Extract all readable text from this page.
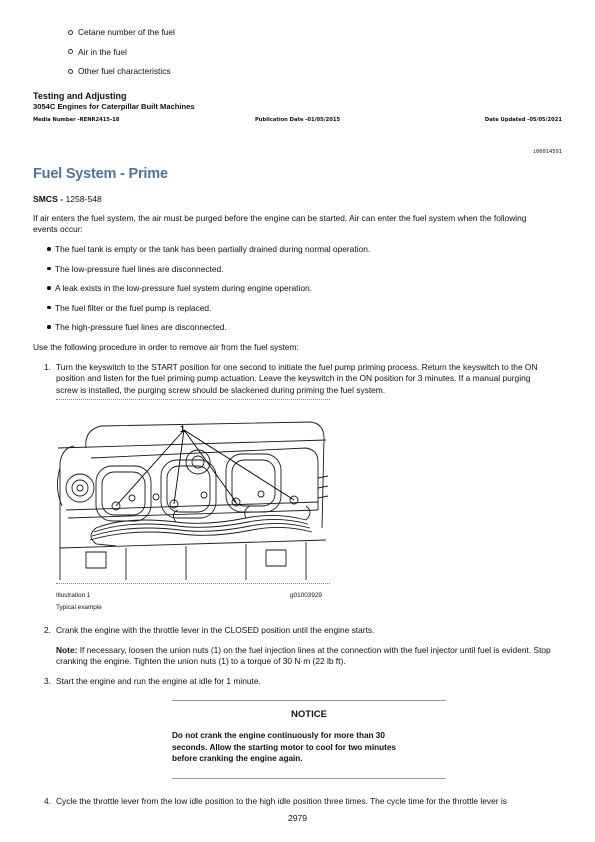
Cetane number of the fuel
Air in the fuel
Other fuel characteristics
Testing and Adjusting
3054C Engines for Caterpillar Built Machines
Media Number -RENR2415-18	Publication Date -01/05/2015	Date Updated -05/05/2021
i06014591
Fuel System - Prime
SMCS - 1258-548
If air enters the fuel system, the air must be purged before the engine can be started. Air can enter the fuel system when the following events occur:
The fuel tank is empty or the tank has been partially drained during normal operation.
The low-pressure fuel lines are disconnected.
A leak exists in the low-pressure fuel system during engine operation.
The fuel filter or the fuel pump is replaced.
The high-pressure fuel lines are disconnected.
Use the following procedure in order to remove air from the fuel system:
1. Turn the keyswitch to the START position for one second to initiate the fuel pump priming process. Return the keyswitch to the ON position and listen for the fuel priming pump actuation. Leave the keyswitch in the ON position for 3 minutes. If a manual purging screw is installed, the purging screw should be slackened during priming the fuel system.
1
Illustration 1	g01003929
Typical example
2. Crank the engine with the throttle lever in the CLOSED position until the engine starts.
Note: If necessary, loosen the union nuts (1) on the fuel injection lines at the connection with the fuel injector until fuel is evident. Stop cranking the engine. Tighten the union nuts (1) to a torque of 30 N·m (22 lb ft).
3. Start the engine and run the engine at idle for 1 minute.
NOTICE
Do not crank the engine continuously for more than 30 seconds. Allow the starting motor to cool for two minutes before cranking the engine again.
4. Cycle the throttle lever from the low idle position to the high idle position three times. The cycle time for the throttle lever is
2979
